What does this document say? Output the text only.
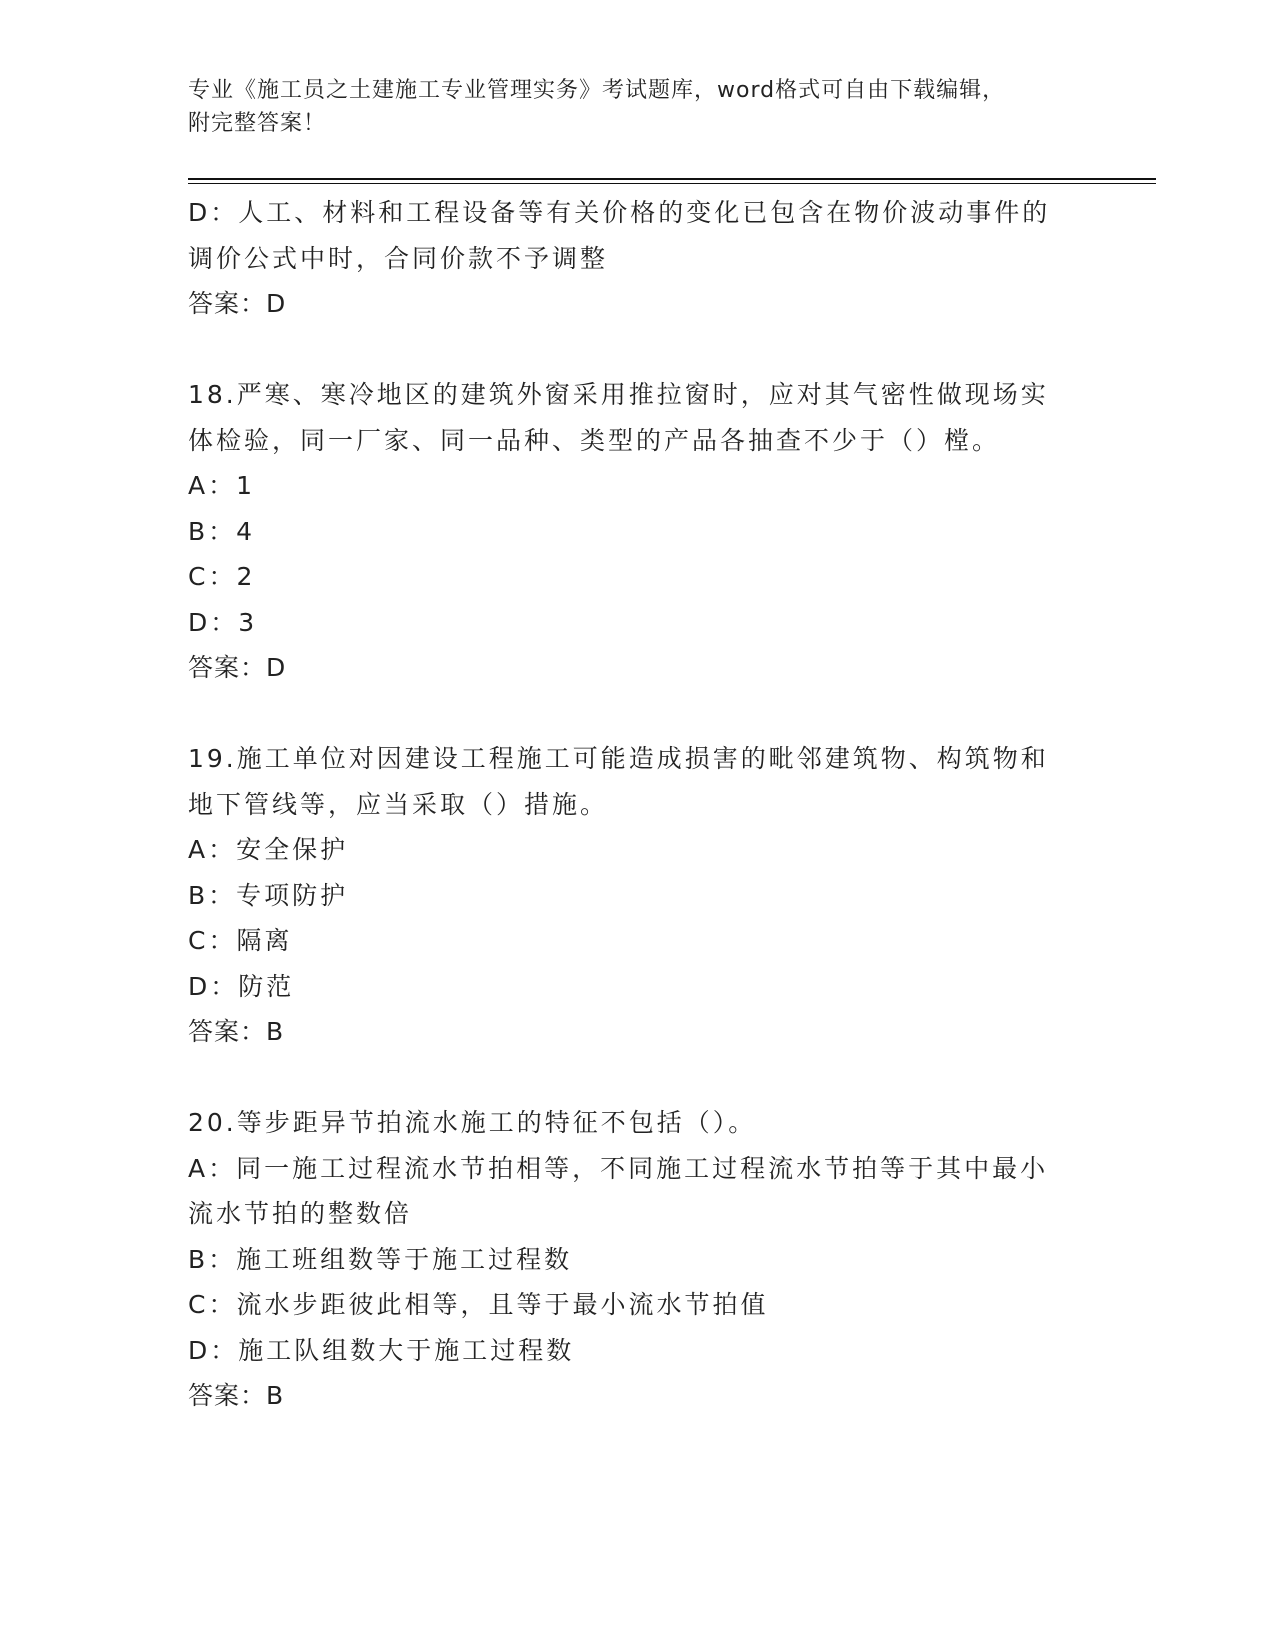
专业《施工员之土建施工专业管理实务》考试题库，word格式可自由下载编辑，
附完整答案！
D：人工、材料和工程设备等有关价格的变化已包含在物价波动事件的
调价公式中时，合同价款不予调整
答案：D
18.严寒、寒冷地区的建筑外窗采用推拉窗时，应对其气密性做现场实
体检验，同一厂家、同一品种、类型的产品各抽查不少于（）樘。
A：1
B：4
C：2
D：3
答案：D
19.施工单位对因建设工程施工可能造成损害的毗邻建筑物、构筑物和
地下管线等，应当采取（）措施。
A：安全保护
B：专项防护
C：隔离
D：防范
答案：B
20.等步距异节拍流水施工的特征不包括（）。
A：同一施工过程流水节拍相等，不同施工过程流水节拍等于其中最小
流水节拍的整数倍
B：施工班组数等于施工过程数
C：流水步距彼此相等，且等于最小流水节拍值
D：施工队组数大于施工过程数
答案：B
